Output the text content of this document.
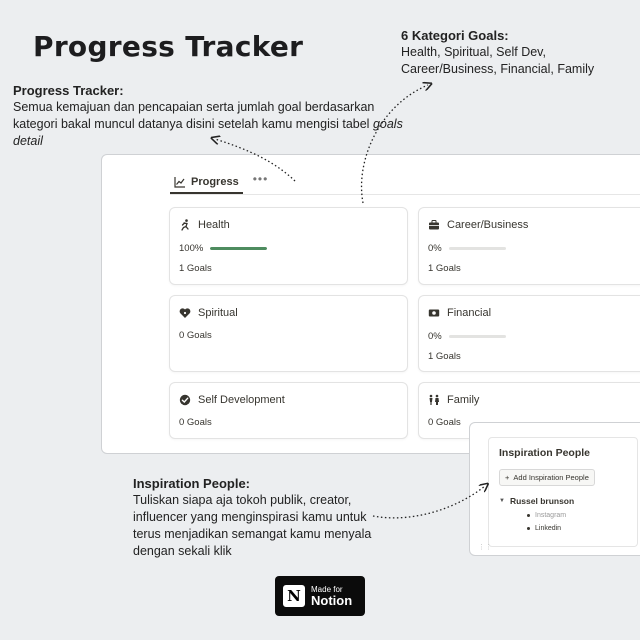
Progress Tracker
Progress Tracker:
Semua kemajuan dan pencapaian serta jumlah goal berdasarkan kategori bakal muncul datanya disini setelah kamu mengisi tabel goals detail
6 Kategori Goals:
Health, Spiritual, Self Dev,
Career/Business, Financial, Family
Progress •••
Health
100%
1 Goals
Career/Business
0%
1 Goals
Spiritual
0 Goals
Financial
0%
1 Goals
Self Development
0 Goals
Family
0 Goals
Inspiration People
+ Add Inspiration People
▼ Russel brunson
Instagram
Linkedin
⋮⋮
Inspiration People:
Tuliskan siapa aja tokoh publik, creator, influencer yang menginspirasi kamu untuk terus menjadikan semangat kamu menyala dengan sekali klik
N	Made for
Notion
